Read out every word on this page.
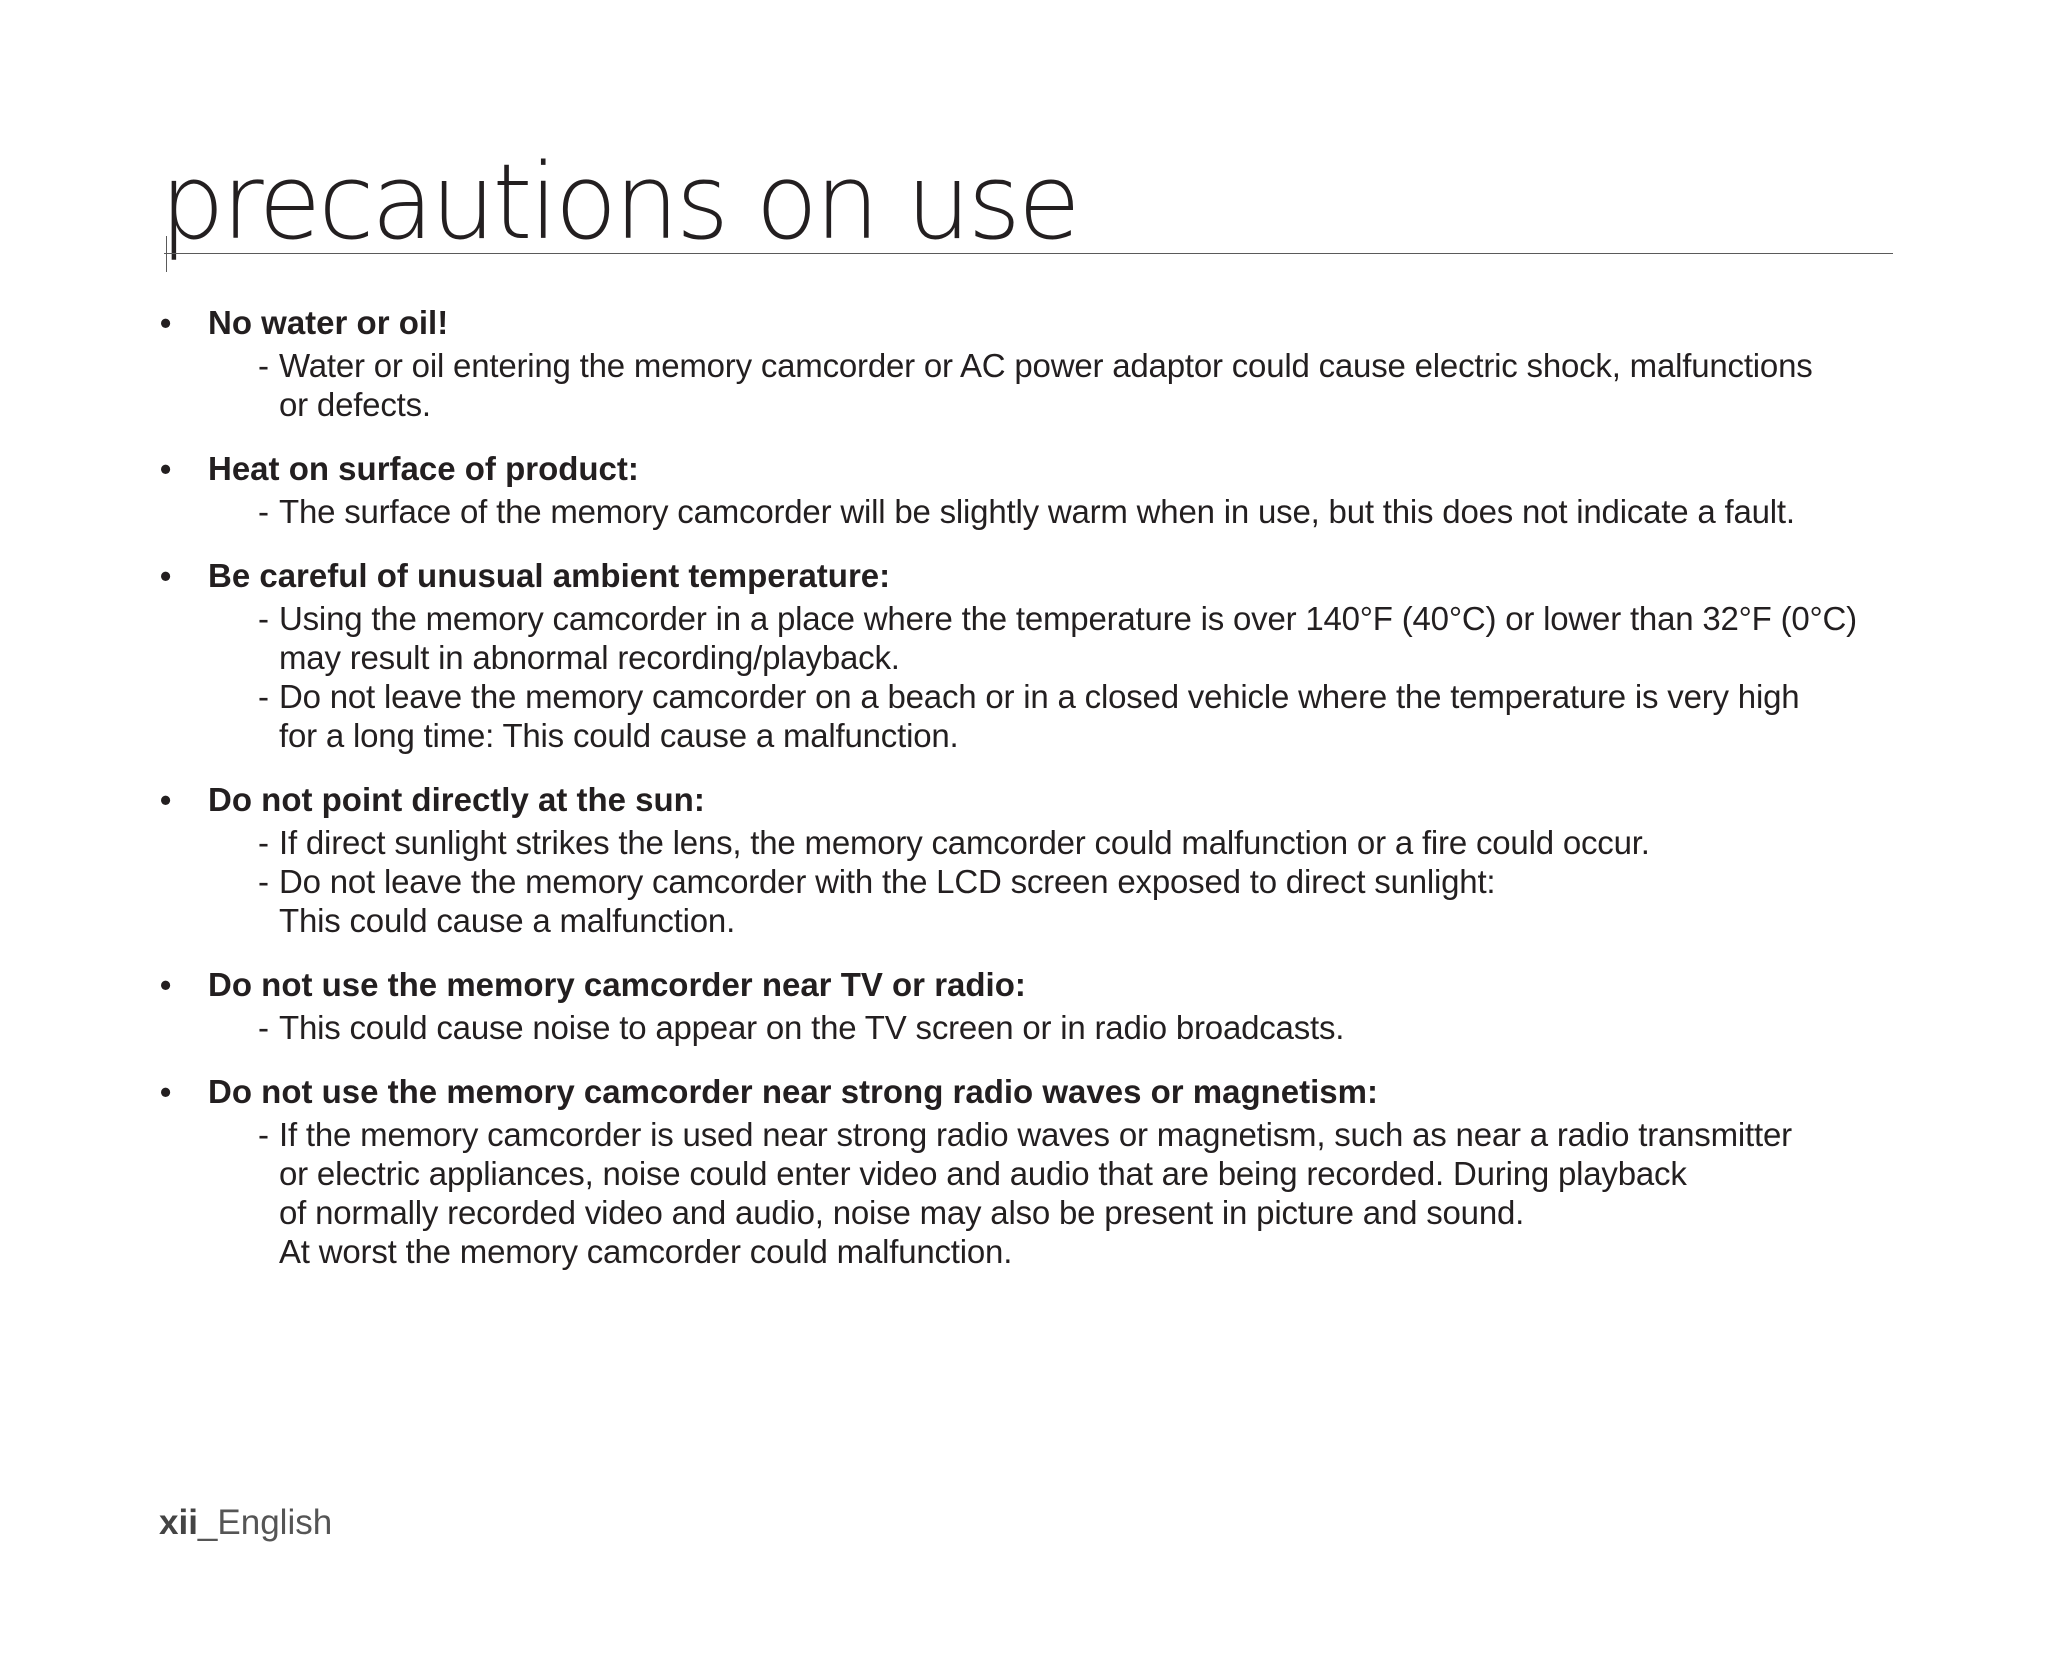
precautions on use
•	No water or oil!
- Water or oil entering the memory camcorder or AC power adaptor could cause electric shock, malfunctions
or defects.
•	Heat on surface of product:
- The surface of the memory camcorder will be slightly warm when in use, but this does not indicate a fault.
•	Be careful of unusual ambient temperature:
- Using the memory camcorder in a place where the temperature is over 140°F (40°C) or lower than 32°F (0°C)
may result in abnormal recording/playback.
- Do not leave the memory camcorder on a beach or in a closed vehicle where the temperature is very high
for a long time: This could cause a malfunction.
•	Do not point directly at the sun:
- If direct sunlight strikes the lens, the memory camcorder could malfunction or a fire could occur.
- Do not leave the memory camcorder with the LCD screen exposed to direct sunlight:
This could cause a malfunction.
•	Do not use the memory camcorder near TV or radio:
- This could cause noise to appear on the TV screen or in radio broadcasts.
•	Do not use the memory camcorder near strong radio waves or magnetism:
- If the memory camcorder is used near strong radio waves or magnetism, such as near a radio transmitter
or electric appliances, noise could enter video and audio that are being recorded. During playback
of normally recorded video and audio, noise may also be present in picture and sound.
At worst the memory camcorder could malfunction.
xii_English
